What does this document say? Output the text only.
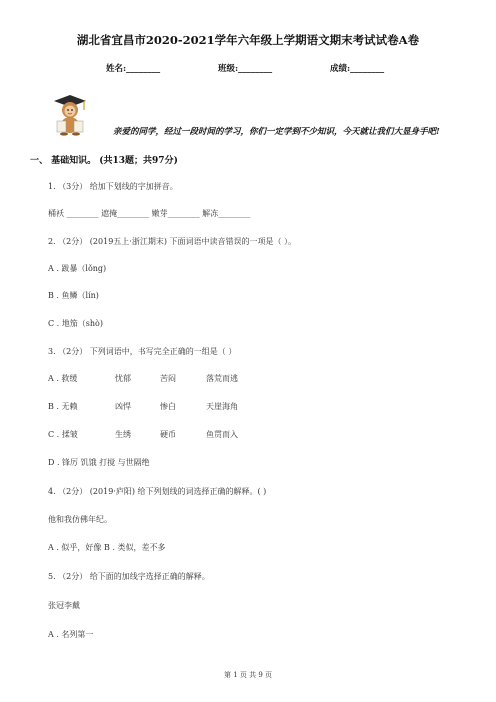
湖北省宜昌市2020-2021学年六年级上学期语文期末考试试卷A卷
姓名:________	班级:________	成绩:________
亲爱的同学，经过一段时间的学习，你们一定学到不少知识，今天就让我们大显身手吧!
一、 基础知识。 (共13题；共97分)
1. （3分） 给加下划线的字加拼音。
桶袄 ________ 遮掩________ 嫩芽________ 解冻________
2. （2分） (2019五上·浙江期末) 下面词语中读音错误的一项是（ ）。
A . 跋暴（lǒng)
B . 鱼鳞（lín)
C . 地笳（shò)
3. （2分） 下列词语中，书写完全正确的一组是（ ）
A . 救缓	忧郁	苦闷	落荒而逃
B . 无赖	凶悍	惨白	天崖海角
C . 揉皱	生绣	硬币	鱼贯而入
D . 锋厉 饥饿 打搅 与世隔绝
4. （2分） (2019·庐阳) 给下列划线的词选择正确的解释。( )
他和我仿佛年纪。
A . 似乎，好像 B . 类似，差不多
5. （2分） 给下面的加线字选择正确的解释。
张冠李戴
A . 名列第一
第 1 页 共 9 页
